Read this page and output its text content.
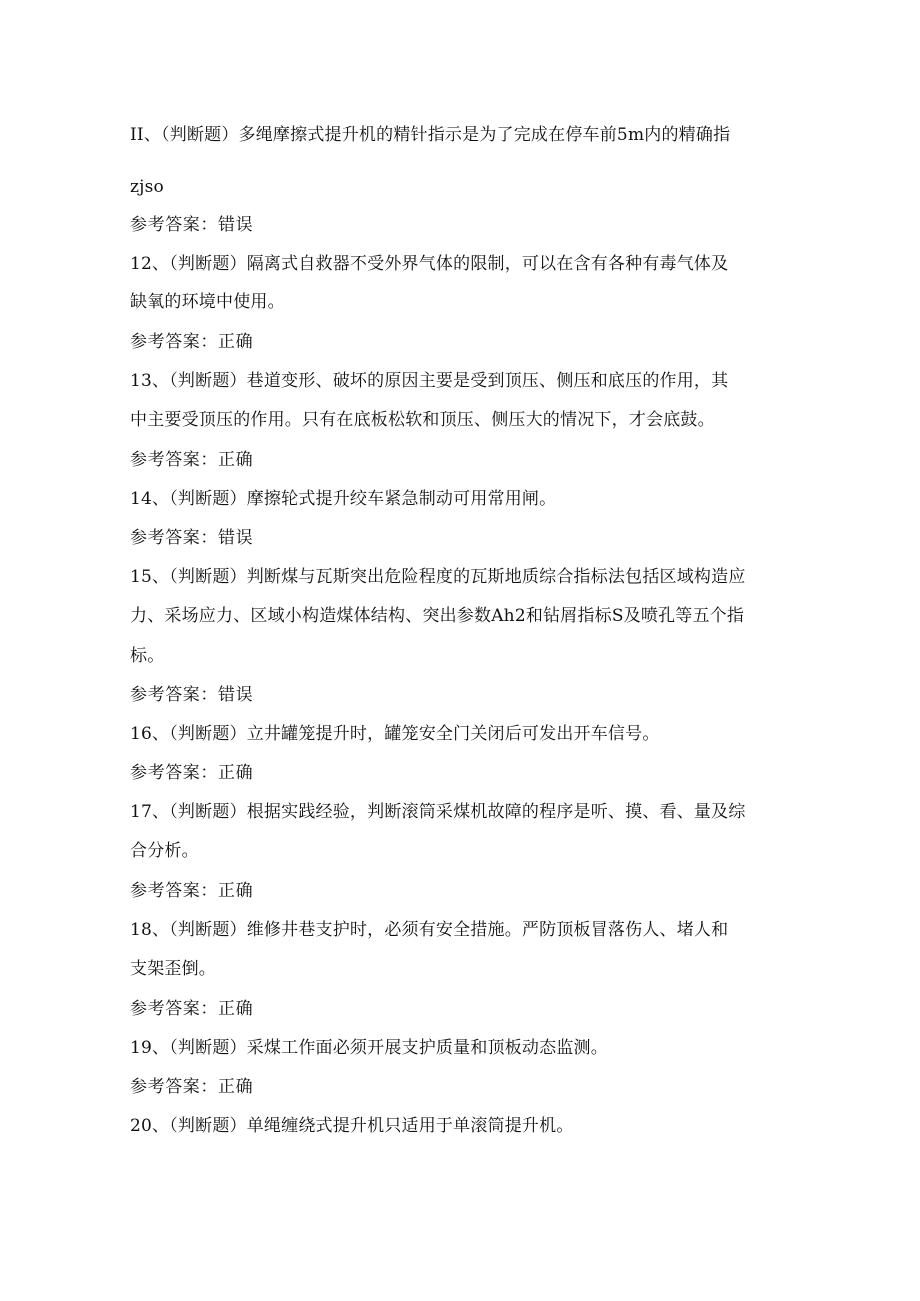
II、（判断题）多绳摩擦式提升机的精针指示是为了完成在停车前5m内的精确指
zjso
参考答案：错误
12、（判断题）隔离式自救器不受外界气体的限制，可以在含有各种有毒气体及
缺氧的环境中使用。
参考答案：正确
13、（判断题）巷道变形、破坏的原因主要是受到顶压、侧压和底压的作用，其
中主要受顶压的作用。只有在底板松软和顶压、侧压大的情况下，才会底鼓。
参考答案：正确
14、（判断题）摩擦轮式提升绞车紧急制动可用常用闸。
参考答案：错误
15、（判断题）判断煤与瓦斯突出危险程度的瓦斯地质综合指标法包括区域构造应
力、采场应力、区域小构造煤体结构、突出参数Ah2和钻屑指标S及喷孔等五个指
标。
参考答案：错误
16、（判断题）立井罐笼提升时，罐笼安全门关闭后可发出开车信号。
参考答案：正确
17、（判断题）根据实践经验，判断滚筒采煤机故障的程序是听、摸、看、量及综
合分析。
参考答案：正确
18、（判断题）维修井巷支护时，必须有安全措施。严防顶板冒落伤人、堵人和
支架歪倒。
参考答案：正确
19、（判断题）采煤工作面必须开展支护质量和顶板动态监测。
参考答案：正确
20、（判断题）单绳缠绕式提升机只适用于单滚筒提升机。
